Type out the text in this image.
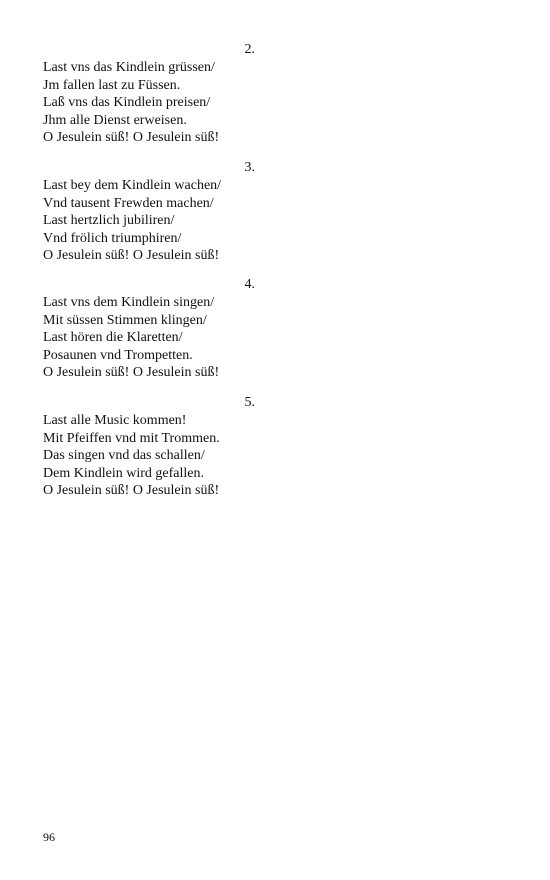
2.
Last vns das Kindlein grüssen/
Jm fallen last zu Füssen.
Laß vns das Kindlein preisen/
Jhm alle Dienst erweisen.
O Jesulein süß! O Jesulein süß!
3.
Last bey dem Kindlein wachen/
Vnd tausent Frewden machen/
Last hertzlich jubiliren/
Vnd frölich triumphiren/
O Jesulein süß! O Jesulein süß!
4.
Last vns dem Kindlein singen/
Mit süssen Stimmen klingen/
Last hören die Klaretten/
Posaunen vnd Trompetten.
O Jesulein süß! O Jesulein süß!
5.
Last alle Music kommen!
Mit Pfeiffen vnd mit Trommen.
Das singen vnd das schallen/
Dem Kindlein wird gefallen.
O Jesulein süß! O Jesulein süß!
96
